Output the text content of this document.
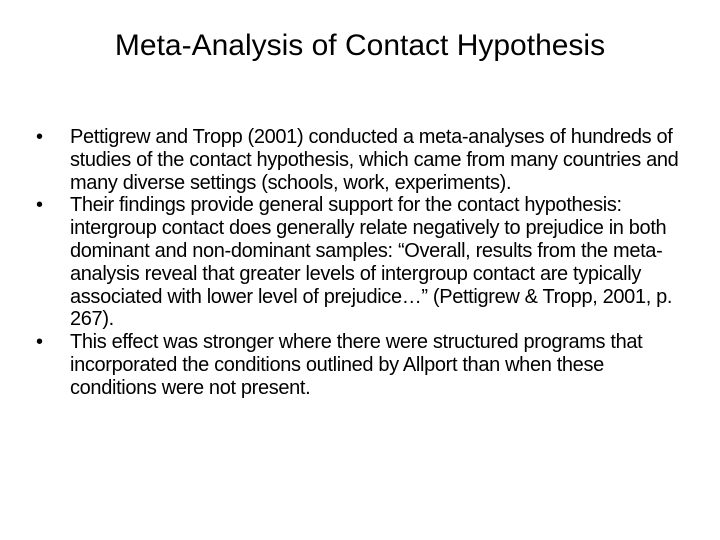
Meta-Analysis of Contact Hypothesis
•	Pettigrew and Tropp (2001) conducted a meta-analyses of hundreds of studies of the contact hypothesis, which came from many countries and many diverse settings (schools, work, experiments).
•	Their findings provide general support for the contact hypothesis: intergroup contact does generally relate negatively to prejudice in both dominant and non-dominant samples: “Overall, results from the meta-analysis reveal that greater levels of intergroup contact are typically associated with lower level of prejudice…” (Pettigrew & Tropp, 2001, p. 267).
•	This effect was stronger where there were structured programs that incorporated the conditions outlined by Allport than when these conditions were not present.
